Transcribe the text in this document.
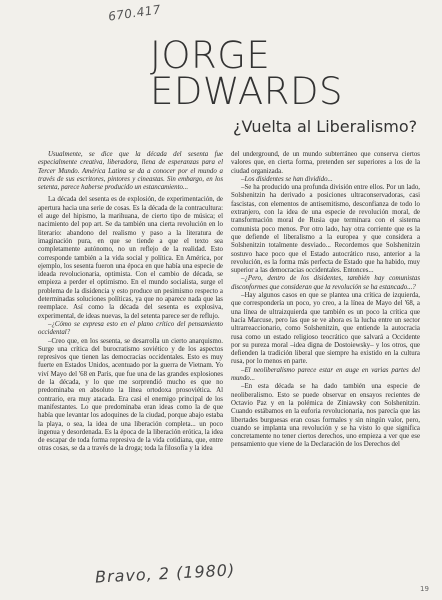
670.417
JORGE
EDWARDS
¿Vuelta al Liberalismo?

Usualmente, se dice que la década del sesenta fue especialmente creativa, liberadora, llena de esperanzas para el Tercer Mundo. América Latina se da a conocer por el mundo a través de sus escritores, pintores y cineastas. Sin embargo, en los setenta, parece haberse producido un estancamiento...

La década del sesenta es de explosión, de experimentación, de apertura hacia una serie de cosas. Es la década de la contracultura: el auge del hipismo, la marihuana, de cierto tipo de música; el nacimiento del pop art. Se da también una cierta revolución en lo literario: abandono del realismo y paso a la literatura de imaginación pura, en que se tiende a que el texto sea completamente autónomo, no un reflejo de la realidad. Esto corresponde también a la vida social y política. En América, por ejemplo, los sesenta fueron una época en que había una especie de ideada revolucionaria, optimista. Con el cambio de década, se empieza a perder el optimismo. En el mundo socialista, surge el problema de la disidencia y esto produce un pesimismo respecto a determinadas soluciones políticas, ya que no aparece nada que las reemplace. Así como la década del sesenta es explosiva, experimental, de ideas nuevas, la del setenta parece ser de reflujo.

–¿Cómo se expresa esto en el plano crítico del pensamiento occidental?

–Creo que, en los sesenta, se desarrolla un cierto anarquismo. Surge una crítica del burocratismo soviético y de los aspectos represivos que tienen las democracias occidentales. Esto es muy fuerte en Estados Unidos, acentuado por la guerra de Vietnam. Yo viví Mayo del '68 en París, que fue una de las grandes explosiones de la década, y lo que me sorprendió mucho es que no predominaba en absoluto la línea ortodoxa prosoviética. Al contrario, era muy atacada. Era casi el enemigo principal de los manifestantes. Lo que predominaba eran ideas como la de que había que levantar los adoquines de la ciudad, porque abajo estaba la playa, o sea, la idea de una liberación completa... un poco ingenua y desordenada. Es la época de la liberación erótica, la idea de escapar de toda forma represiva de la vida cotidiana, que, entre otras cosas, se da a través de la droga; toda la filosofía y la idea

del underground, de un mundo subterráneo que conserva ciertos valores que, en cierta forma, pretenden ser superiores a los de la ciudad organizada.

–Los disidentes se han dividido...

–Se ha producido una profunda división entre ellos. Por un lado, Solshenitzin ha derivado a posiciones ultraconservadoras, casi fascistas, con elementos de antisemitismo, desconfianza de todo lo extranjero, con la idea de una especie de revolución moral, de transformación moral de Rusia que terminara con el sistema comunista poco menos. Por otro lado, hay otra corriente que es la que defiende el liberalismo a la europea y que considera a Solshenitzin totalmente desviado... Recordemos que Solshenitzin sostuvo hace poco que el Estado autocrático ruso, anterior a la revolución, es la forma más perfecta de Estado que ha habido, muy superior a las democracias occidentales. Entonces...

–¿Pero, dentro de los disidentes, también hay comunistas disconformes que consideran que la revolución se ha estancado...?

–Hay algunos casos en que se plantea una crítica de izquierda, que correspondería un poco, yo creo, a la línea de Mayo del '68, a una línea de ultraizquierda que también es un poco la crítica que hacía Marcuse, pero las que se ve ahora es la lucha entre un sector ultrarreaccionario, como Solshenitzin, que entiende la autocracia rusa como un estado religioso teocrático que salvará a Occidente por su pureza moral –idea digna de Dostoiewsky– y los otros, que defienden la tradición liberal que siempre ha existido en la cultura rusa, por lo menos en parte.

–El neoliberalismo parece estar en auge en varias partes del mundo...

–En esta década se ha dado también una especie de neoliberalismo. Esto se puede observar en ensayos recientes de Octavio Paz y en la polémica de Ziniawsky con Solshenitzin. Cuando estábamos en la euforia revolucionaria, nos parecía que las libertades burguesas eran cosas formales y sin ningún valor, pero, cuando se implanta una revolución y se ha visto lo que significa concretamente no tener ciertos derechos, uno empieza a ver que ese pensamiento que viene de la Declaración de los Derechos del

Bravo, 2 (1980)
19
